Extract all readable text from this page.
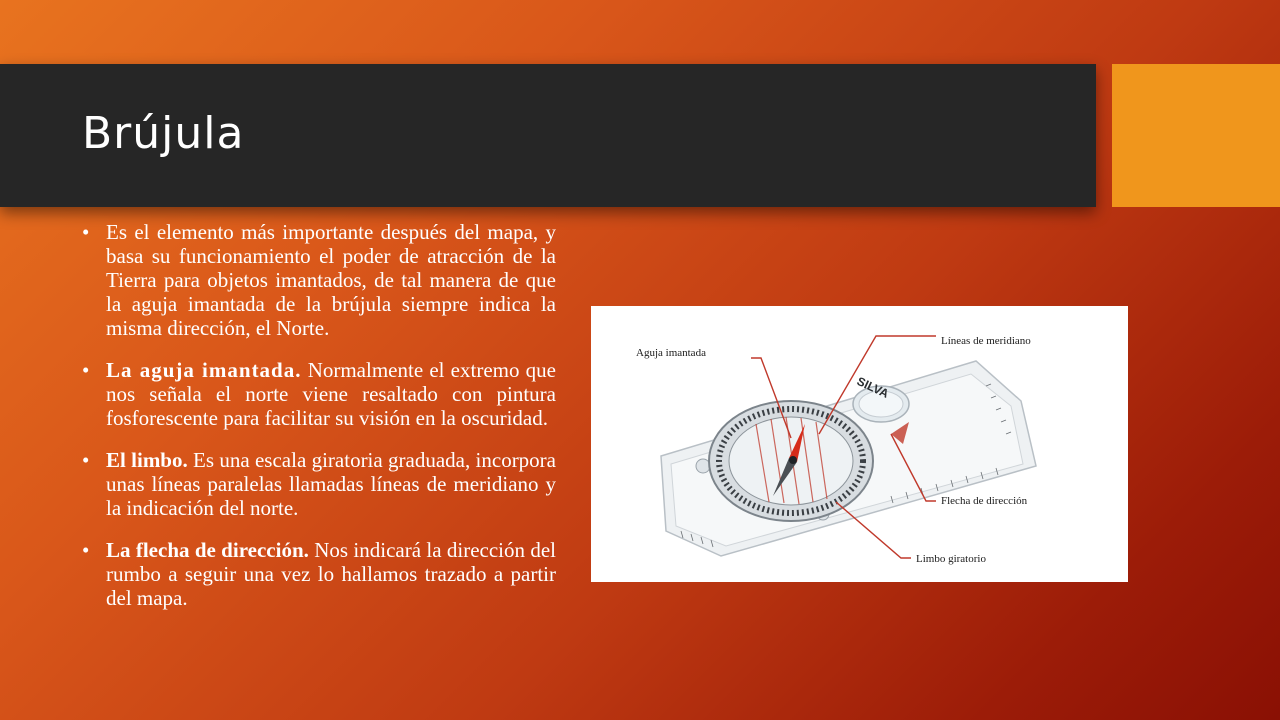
Brújula
• Es el elemento más importante después del mapa, y basa su funcionamiento el poder de atracción de la Tierra para objetos imantados, de tal manera de que la aguja imantada de la brújula siempre indica la misma dirección, el Norte.
• La aguja imantada. Normalmente el extremo que nos señala el norte viene resaltado con pintura fosforescente para facilitar su visión en la oscuridad.
• El limbo. Es una escala giratoria graduada, incorpora unas líneas paralelas llamadas líneas de meridiano y la indicación del norte.
• La flecha de dirección. Nos indicará la dirección del rumbo a seguir una vez lo hallamos trazado a partir del mapa.
SILVA
Aguja imantada
Líneas de meridiano
Flecha de dirección
Limbo giratorio
